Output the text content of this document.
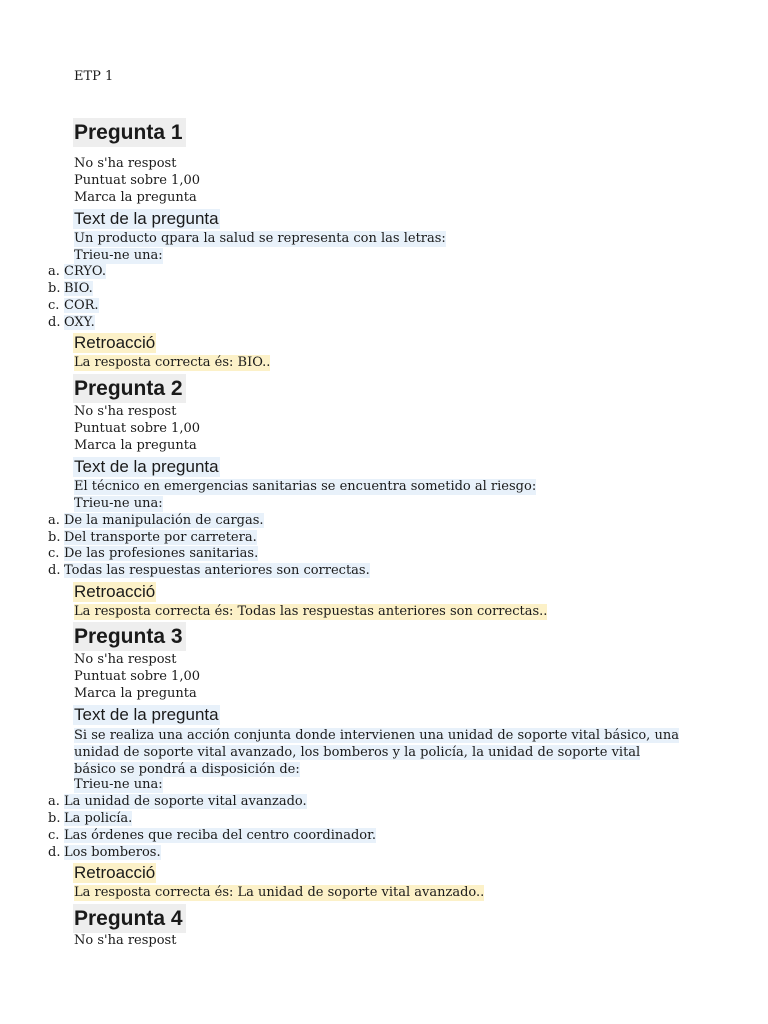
ETP 1
Pregunta 1
No s'ha respost
Puntuat sobre 1,00
Marca la pregunta
Text de la pregunta
Un producto qpara la salud se representa con las letras:
Trieu-ne una:
a. CRYO.
b. BIO.
c. COR.
d. OXY.
Retroacció
La resposta correcta és: BIO..
Pregunta 2
No s'ha respost
Puntuat sobre 1,00
Marca la pregunta
Text de la pregunta
El técnico en emergencias sanitarias se encuentra sometido al riesgo:
Trieu-ne una:
a. De la manipulación de cargas.
b. Del transporte por carretera.
c. De las profesiones sanitarias.
d. Todas las respuestas anteriores son correctas.
Retroacció
La resposta correcta és: Todas las respuestas anteriores son correctas..
Pregunta 3
No s'ha respost
Puntuat sobre 1,00
Marca la pregunta
Text de la pregunta
Si se realiza una acción conjunta donde intervienen una unidad de soporte vital básico, una unidad de soporte vital avanzado, los bomberos y la policía, la unidad de soporte vital básico se pondrá a disposición de:
Trieu-ne una:
a. La unidad de soporte vital avanzado.
b. La policía.
c. Las órdenes que reciba del centro coordinador.
d. Los bomberos.
Retroacció
La resposta correcta és: La unidad de soporte vital avanzado..
Pregunta 4
No s'ha respost
